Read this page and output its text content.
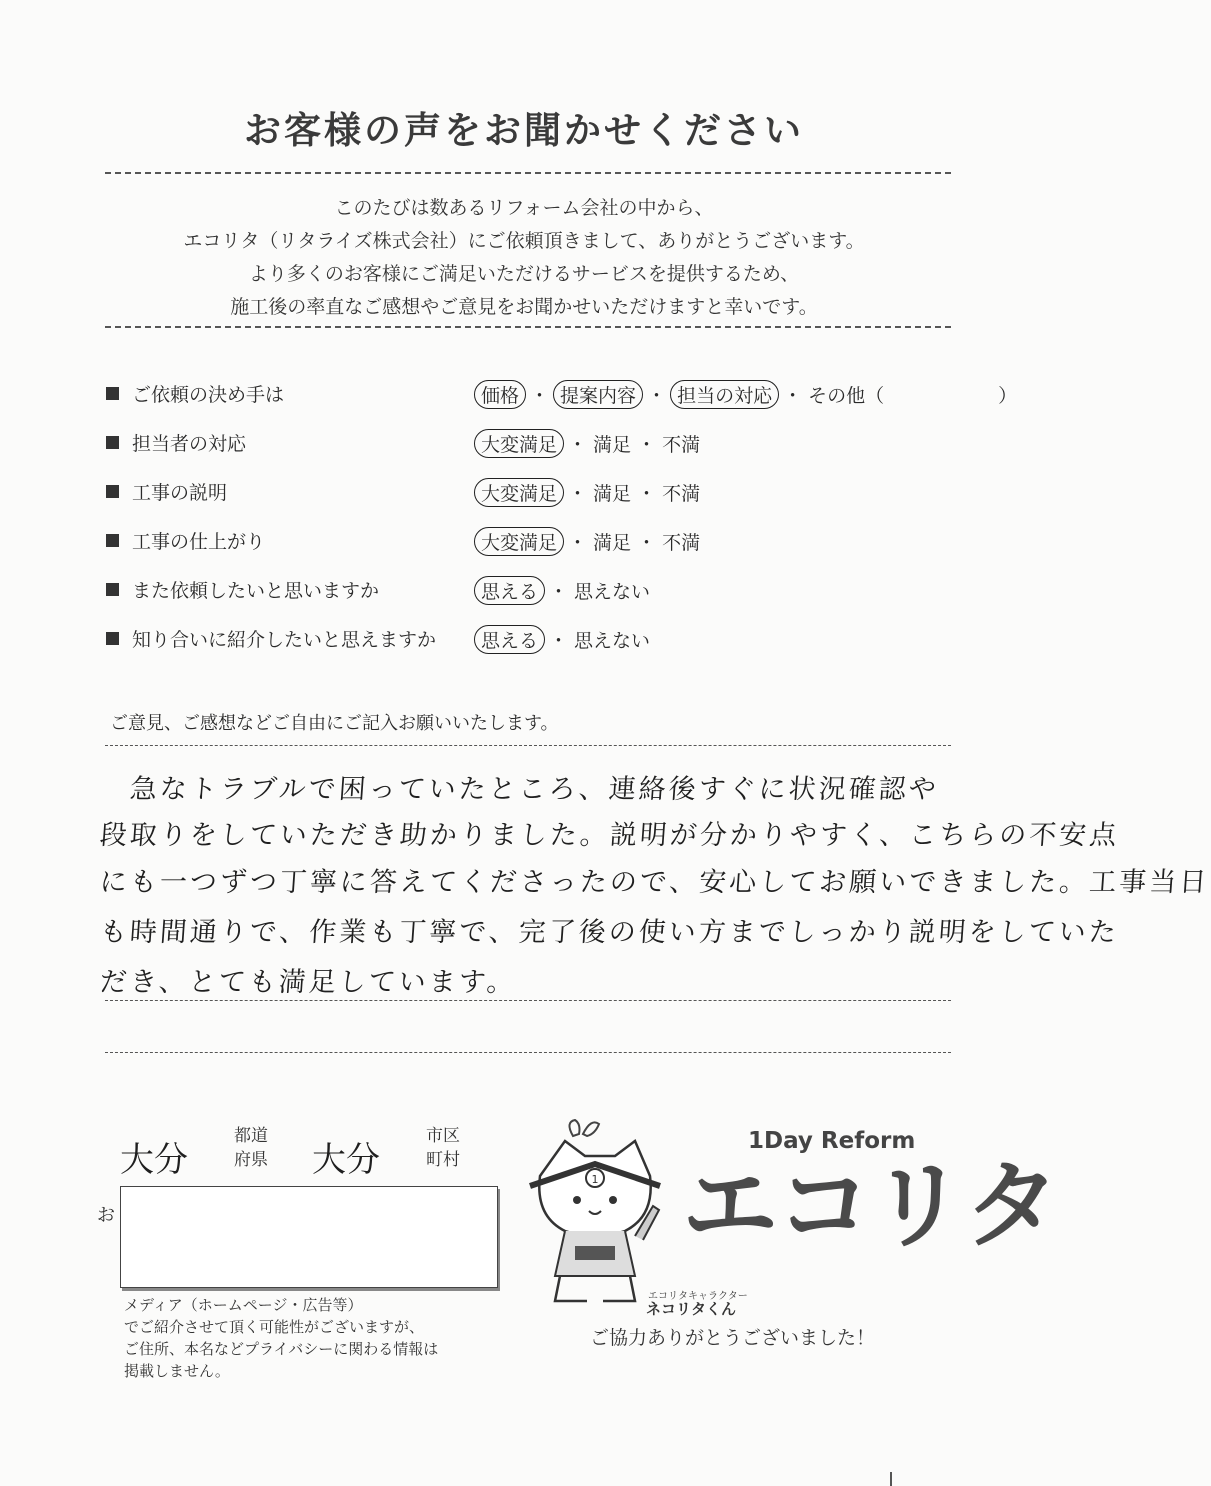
お客様の声をお聞かせください
このたびは数あるリフォーム会社の中から、
エコリタ（リタライズ株式会社）にご依頼頂きまして、ありがとうございます。
より多くのお客様にご満足いただけるサービスを提供するため、
施工後の率直なご感想やご意見をお聞かせいただけますと幸いです。
ご依頼の決め手は	価格 ・ 提案内容 ・ 担当の対応 ・ その他（　　　　　　）
担当者の対応	大変満足 ・ 満足 ・ 不満
工事の説明	大変満足 ・ 満足 ・ 不満
工事の仕上がり	大変満足 ・ 満足 ・ 不満
また依頼したいと思いますか	思える ・ 思えない
知り合いに紹介したいと思えますか	思える ・ 思えない
ご意見、ご感想などご自由にご記入お願いいたします。
急なトラブルで困っていたところ、連絡後すぐに状況確認や
段取りをしていただき助かりました。説明が分かりやすく、こちらの不安点
にも一つずつ丁寧に答えてくださったので、安心してお願いできました。工事当日
も時間通りで、作業も丁寧で、完了後の使い方までしっかり説明をしていた
だき、とても満足しています。
大分
都道
府県 大分
市区
町村
お
メディア（ホームページ・広告等）
でご紹介させて頂く可能性がございますが、
ご住所、本名などプライバシーに関わる情報は
掲載しません。
1
1Day Reform
エコリタ
エコリタキャラクター
ネコリタくん
ご協力ありがとうございました！
